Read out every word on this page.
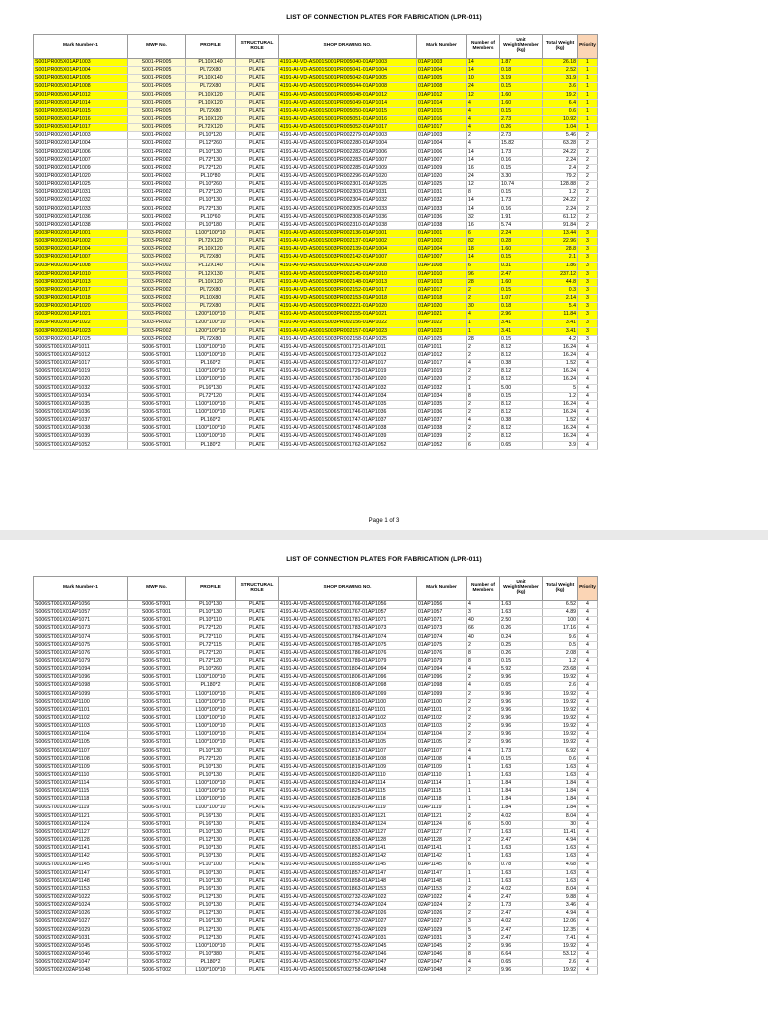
LIST OF CONNECTION PLATES FOR FABRICATION (LPR-011)
Mark Number-1	MWP No.	PROFILE	STRUCTURAL ROLE	SHOP DRAWING NO.	Mark Number	Number of Members	Unit Weight/Member (kg)	Total Weight (kg)	Priority
S001PR005X01AP1003	S001-PR005	PL10X140	PLATE	4191-AI-VD-AS001S001PR005040-01AP1003	01AP1003	14	1.87	26.18	1
S001PR005X01AP1004	S001-PR005	PL72X80	PLATE	4191-AI-VD-AS001S001PR005041-01AP1004	01AP1004	14	0.18	2.52	1
S001PR005X01AP1005	S001-PR005	PL10X140	PLATE	4191-AI-VD-AS001S001PR005042-01AP1005	01AP1005	10	3.19	31.9	1
S001PR005X01AP1008	S001-PR005	PL72X80	PLATE	4191-AI-VD-AS001S001PR005044-01AP1008	01AP1008	24	0.15	3.6	1
S001PR005X01AP1012	S001-PR005	PL10X120	PLATE	4191-AI-VD-AS001S001PR005048-01AP1012	01AP1012	12	1.60	19.2	1
S001PR005X01AP1014	S001-PR005	PL10X120	PLATE	4191-AI-VD-AS001S001PR005049-01AP1014	01AP1014	4	1.60	6.4	1
S001PR005X01AP1015	S001-PR005	PL72X80	PLATE	4191-AI-VD-AS001S001PR005050-01AP1015	01AP1015	4	0.15	0.6	1
S001PR005X01AP1016	S001-PR005	PL10X120	PLATE	4191-AI-VD-AS001S001PR005051-01AP1016	01AP1016	4	2.73	10.92	1
S001PR005X01AP1017	S001-PR005	PL72X120	PLATE	4191-AI-VD-AS001S001PR005052-01AP1017	01AP1017	4	0.26	1.04	1
S001PR002X01AP1003	S001-PR002	PL10*120	PLATE	4191-AI-VD-AS001S001PR002279-01AP1003	01AP1003	2	2.73	5.46	2
S001PR002X01AP1004	S001-PR002	PL12*260	PLATE	4191-AI-VD-AS001S001PR002280-01AP1004	01AP1004	4	15.82	63.28	2
S001PR002X01AP1006	S001-PR002	PL10*130	PLATE	4191-AI-VD-AS001S001PR002282-01AP1006	01AP1006	14	1.73	24.22	2
S001PR002X01AP1007	S001-PR002	PL72*130	PLATE	4191-AI-VD-AS001S001PR002283-01AP1007	01AP1007	14	0.16	2.24	2
S001PR002X01AP1009	S001-PR002	PL72*120	PLATE	4191-AI-VD-AS001S001PR002285-01AP1009	01AP1009	16	0.15	2.4	2
S001PR002X01AP1020	S001-PR002	PL10*80	PLATE	4191-AI-VD-AS001S001PR002296-01AP1020	01AP1020	24	3.30	79.2	2
S001PR002X01AP1025	S001-PR002	PL10*260	PLATE	4191-AI-VD-AS001S001PR002301-01AP1025	01AP1025	12	10.74	128.88	2
S001PR002X01AP1031	S001-PR002	PL72*120	PLATE	4191-AI-VD-AS001S001PR002303-01AP1031	01AP1031	8	0.15	1.2	2
S001PR002X01AP1032	S001-PR002	PL10*130	PLATE	4191-AI-VD-AS001S001PR002304-01AP1032	01AP1032	14	1.73	24.22	2
S001PR002X01AP1033	S001-PR002	PL72*130	PLATE	4191-AI-VD-AS001S001PR002305-01AP1033	01AP1033	14	0.16	2.24	2
S001PR002X01AP1036	S001-PR002	PL10*60	PLATE	4191-AI-VD-AS001S001PR002308-01AP1036	01AP1036	32	1.91	61.12	2
S001PR002X01AP1038	S001-PR002	PL10*180	PLATE	4191-AI-VD-AS001S001PR002310-01AP1038	01AP1038	16	5.74	91.84	2
S003PR002X01AP1001	S003-PR002	L100*100*10	PLATE	4191-AI-VD-AS001S003PR002136-01AP1001	01AP1001	6	2.24	13.44	3
S003PR002X01AP1002	S003-PR002	PL72X120	PLATE	4191-AI-VD-AS001S003PR002137-01AP1002	01AP1002	82	0.28	22.96	3
S003PR002X01AP1004	S003-PR002	PL10X120	PLATE	4191-AI-VD-AS001S003PR002139-01AP1004	01AP1004	18	1.60	28.8	3
S003PR002X01AP1007	S003-PR002	PL72X80	PLATE	4191-AI-VD-AS001S003PR002142-01AP1007	01AP1007	14	0.15	2.1	3
S003PR002X01AP1008	S003-PR002	PL12X140	PLATE	4191-AI-VD-AS001S003PR002143-01AP1008	01AP1008	6	0.31	1.86	3
S003PR002X01AP1010	S003-PR002	PL12X130	PLATE	4191-AI-VD-AS001S003PR002145-01AP1010	01AP1010	96	2.47	237.12	3
S003PR002X01AP1013	S003-PR002	PL10X120	PLATE	4191-AI-VD-AS001S003PR002148-01AP1013	01AP1013	28	1.60	44.8	3
S003PR002X01AP1017	S003-PR002	PL72X80	PLATE	4191-AI-VD-AS001S003PR002152-01AP1017	01AP1017	2	0.15	0.3	3
S003PR002X01AP1018	S003-PR002	PL10X80	PLATE	4191-AI-VD-AS001S003PR002153-01AP1018	01AP1018	2	1.07	2.14	3
S003PR002X01AP1020	S003-PR002	PL72X80	PLATE	4191-AI-VD-AS001S003PR002221-01AP1020	01AP1020	30	0.18	5.4	3
S003PR002X01AP1021	S003-PR002	L200*100*10	PLATE	4191-AI-VD-AS001S003PR002155-01AP1021	01AP1021	4	2.96	11.84	3
S003PR002X01AP1022	S003-PR002	L200*100*10	PLATE	4191-AI-VD-AS001S003PR002156-01AP1022	01AP1022	1	3.41	3.41	3
S003PR002X01AP1023	S003-PR002	L200*100*10	PLATE	4191-AI-VD-AS001S003PR002157-01AP1023	01AP1023	1	3.41	3.41	3
S003PR002X01AP1025	S003-PR002	PL72X80	PLATE	4191-AI-VD-AS001S003PR002158-01AP1025	01AP1025	28	0.15	4.2	3
S006ST001X01AP1011	S006-ST001	L100*100*10	PLATE	4191-AI-VD-AS001S006ST001721-01AP1011	01AP1011	2	8.12	16.24	4
S006ST001X01AP1012	S006-ST001	L100*100*10	PLATE	4191-AI-VD-AS001S006ST001723-01AP1012	01AP1012	2	8.12	16.24	4
S006ST001X01AP1017	S006-ST001	PL160*2	PLATE	4191-AI-VD-AS001S006ST001727-01AP1017	01AP1017	4	0.38	1.52	4
S006ST001X01AP1019	S006-ST001	L100*100*10	PLATE	4191-AI-VD-AS001S006ST001729-01AP1019	01AP1019	2	8.12	16.24	4
S006ST001X01AP1020	S006-ST001	L100*100*10	PLATE	4191-AI-VD-AS001S006ST001730-01AP1020	01AP1020	2	8.12	16.24	4
S006ST001X01AP1032	S006-ST001	PL16*130	PLATE	4191-AI-VD-AS001S006ST001742-01AP1032	01AP1032	1	5.00	5	4
S006ST001X01AP1034	S006-ST001	PL72*120	PLATE	4191-AI-VD-AS001S006ST001744-01AP1034	01AP1034	8	0.15	1.2	4
S006ST001X01AP1035	S006-ST001	L100*100*10	PLATE	4191-AI-VD-AS001S006ST001745-01AP1035	01AP1035	2	8.12	16.24	4
S006ST001X01AP1036	S006-ST001	L100*100*10	PLATE	4191-AI-VD-AS001S006ST001746-01AP1036	01AP1036	2	8.12	16.24	4
S006ST001X01AP1037	S006-ST001	PL160*2	PLATE	4191-AI-VD-AS001S006ST001747-01AP1037	01AP1037	4	0.38	1.52	4
S006ST001X01AP1038	S006-ST001	L100*100*10	PLATE	4191-AI-VD-AS001S006ST001748-01AP1038	01AP1038	2	8.12	16.24	4
S006ST001X01AP1039	S006-ST001	L100*100*10	PLATE	4191-AI-VD-AS001S006ST001749-01AP1039	01AP1039	2	8.12	16.24	4
S006ST001X01AP1052	S006-ST001	PL180*2	PLATE	4191-AI-VD-AS001S006ST001762-01AP1052	01AP1052	6	0.65	3.9	4
Page 1 of 3
LIST OF CONNECTION PLATES FOR FABRICATION (LPR-011)
Mark Number-1	MWP No.	PROFILE	STRUCTURAL ROLE	SHOP DRAWING NO.	Mark Number	Number of Members	Unit Weight/Member (kg)	Total Weight (kg)	Priority
S006ST001X01AP1056	S006-ST001	PL10*130	PLATE	4191-AI-VD-AS001S006ST001766-01AP1056	01AP1056	4	1.63	6.52	4
S006ST001X01AP1057	S006-ST001	PL10*130	PLATE	4191-AI-VD-AS001S006ST001767-01AP1057	01AP1057	3	1.63	4.89	4
S006ST001X01AP1071	S006-ST001	PL10*110	PLATE	4191-AI-VD-AS001S006ST001781-01AP1071	01AP1071	40	2.50	100	4
S006ST001X01AP1073	S006-ST001	PL72*120	PLATE	4191-AI-VD-AS001S006ST001783-01AP1073	01AP1073	66	0.26	17.16	4
S006ST001X01AP1074	S006-ST001	PL72*110	PLATE	4191-AI-VD-AS001S006ST001784-01AP1074	01AP1074	40	0.24	9.6	4
S006ST001X01AP1075	S006-ST001	PL72*115	PLATE	4191-AI-VD-AS001S006ST001785-01AP1075	01AP1075	2	0.25	0.5	4
S006ST001X01AP1076	S006-ST001	PL72*120	PLATE	4191-AI-VD-AS001S006ST001786-01AP1076	01AP1076	8	0.26	2.08	4
S006ST001X01AP1079	S006-ST001	PL72*120	PLATE	4191-AI-VD-AS001S006ST001789-01AP1079	01AP1079	8	0.15	1.2	4
S006ST001X01AP1094	S006-ST001	PL10*260	PLATE	4191-AI-VD-AS001S006ST001804-01AP1094	01AP1094	4	5.92	23.68	4
S006ST001X01AP1096	S006-ST001	L100*100*10	PLATE	4191-AI-VD-AS001S006ST001806-01AP1096	01AP1096	2	9.96	19.92	4
S006ST001X01AP1098	S006-ST001	PL180*2	PLATE	4191-AI-VD-AS001S006ST001808-01AP1098	01AP1098	4	0.65	2.6	4
S006ST001X01AP1099	S006-ST001	L100*100*10	PLATE	4191-AI-VD-AS001S006ST001809-01AP1099	01AP1099	2	9.96	19.92	4
S006ST001X01AP1100	S006-ST001	L100*100*10	PLATE	4191-AI-VD-AS001S006ST001810-01AP1100	01AP1100	2	9.96	19.92	4
S006ST001X01AP1101	S006-ST001	L100*100*10	PLATE	4191-AI-VD-AS001S006ST001811-01AP1101	01AP1101	2	9.96	19.92	4
S006ST001X01AP1102	S006-ST001	L100*100*10	PLATE	4191-AI-VD-AS001S006ST001812-01AP1102	01AP1102	2	9.96	19.92	4
S006ST001X01AP1103	S006-ST001	L100*100*10	PLATE	4191-AI-VD-AS001S006ST001813-01AP1103	01AP1103	2	9.96	19.92	4
S006ST001X01AP1104	S006-ST001	L100*100*10	PLATE	4191-AI-VD-AS001S006ST001814-01AP1104	01AP1104	2	9.96	19.92	4
S006ST001X01AP1105	S006-ST001	L100*100*10	PLATE	4191-AI-VD-AS001S006ST001815-01AP1105	01AP1105	2	9.96	19.92	4
S006ST001X01AP1107	S006-ST001	PL10*130	PLATE	4191-AI-VD-AS001S006ST001817-01AP1107	01AP1107	4	1.73	6.92	4
S006ST001X01AP1108	S006-ST001	PL72*120	PLATE	4191-AI-VD-AS001S006ST001818-01AP1108	01AP1108	4	0.15	0.6	4
S006ST001X01AP1109	S006-ST001	PL10*130	PLATE	4191-AI-VD-AS001S006ST001819-01AP1109	01AP1109	1	1.63	1.63	4
S006ST001X01AP1110	S006-ST001	PL10*130	PLATE	4191-AI-VD-AS001S006ST001820-01AP1110	01AP1110	1	1.63	1.63	4
S006ST001X01AP1114	S006-ST001	L100*100*10	PLATE	4191-AI-VD-AS001S006ST001824-01AP1114	01AP1114	1	1.84	1.84	4
S006ST001X01AP1115	S006-ST001	L100*100*10	PLATE	4191-AI-VD-AS001S006ST001825-01AP1115	01AP1115	1	1.84	1.84	4
S006ST001X01AP1118	S006-ST001	L100*100*10	PLATE	4191-AI-VD-AS001S006ST001828-01AP1118	01AP1118	1	1.84	1.84	4
S006ST001X01AP1119	S006-ST001	L100*100*10	PLATE	4191-AI-VD-AS001S006ST001829-01AP1119	01AP1119	1	1.84	1.84	4
S006ST001X01AP1121	S006-ST001	PL16*130	PLATE	4191-AI-VD-AS001S006ST001831-01AP1121	01AP1121	2	4.02	8.04	4
S006ST001X01AP1124	S006-ST001	PL16*130	PLATE	4191-AI-VD-AS001S006ST001834-01AP1124	01AP1124	6	5.00	30	4
S006ST001X01AP1127	S006-ST001	PL10*130	PLATE	4191-AI-VD-AS001S006ST001837-01AP1127	01AP1127	7	1.63	11.41	4
S006ST001X01AP1128	S006-ST001	PL12*130	PLATE	4191-AI-VD-AS001S006ST001838-01AP1128	01AP1128	2	2.47	4.94	4
S006ST001X01AP1141	S006-ST001	PL10*130	PLATE	4191-AI-VD-AS001S006ST001851-01AP1141	01AP1141	1	1.63	1.63	4
S006ST001X01AP1142	S006-ST001	PL10*130	PLATE	4191-AI-VD-AS001S006ST001852-01AP1142	01AP1142	1	1.63	1.63	4
S006ST001X01AP1145	S006-ST001	PL10*100	PLATE	4191-AI-VD-AS001S006ST001855-01AP1145	01AP1145	6	0.78	4.68	4
S006ST001X01AP1147	S006-ST001	PL10*130	PLATE	4191-AI-VD-AS001S006ST001857-01AP1147	01AP1147	1	1.63	1.63	4
S006ST001X01AP1148	S006-ST001	PL10*130	PLATE	4191-AI-VD-AS001S006ST001858-01AP1148	01AP1148	1	1.63	1.63	4
S006ST001X01AP1153	S006-ST001	PL16*130	PLATE	4191-AI-VD-AS001S006ST001863-01AP1153	01AP1153	2	4.02	8.04	4
S006ST002X02AP1022	S006-ST002	PL12*130	PLATE	4191-AI-VD-AS001S006ST002732-02AP1022	02AP1022	4	2.47	9.88	4
S006ST002X02AP1024	S006-ST002	PL10*130	PLATE	4191-AI-VD-AS001S006ST002734-02AP1024	02AP1024	2	1.73	3.46	4
S006ST002X02AP1026	S006-ST002	PL12*130	PLATE	4191-AI-VD-AS001S006ST002736-02AP1026	02AP1026	2	2.47	4.94	4
S006ST002X02AP1027	S006-ST002	PL16*130	PLATE	4191-AI-VD-AS001S006ST002737-02AP1027	02AP1027	3	4.02	12.06	4
S006ST002X02AP1029	S006-ST002	PL12*130	PLATE	4191-AI-VD-AS001S006ST002739-02AP1029	02AP1029	5	2.47	12.35	4
S006ST002X02AP1031	S006-ST002	PL12*130	PLATE	4191-AI-VD-AS001S006ST002741-02AP1031	02AP1031	3	2.47	7.41	4
S006ST002X02AP1045	S006-ST002	L100*100*10	PLATE	4191-AI-VD-AS001S006ST002755-02AP1045	02AP1045	2	9.96	19.92	4
S006ST002X02AP1046	S006-ST002	PL10*380	PLATE	4191-AI-VD-AS001S006ST002756-02AP1046	02AP1046	8	6.64	53.12	4
S006ST002X02AP1047	S006-ST002	PL180*2	PLATE	4191-AI-VD-AS001S006ST002757-02AP1047	02AP1047	4	0.65	2.6	4
S006ST002X02AP1048	S006-ST002	L100*100*10	PLATE	4191-AI-VD-AS001S006ST002758-02AP1048	02AP1048	2	9.96	19.92	4
